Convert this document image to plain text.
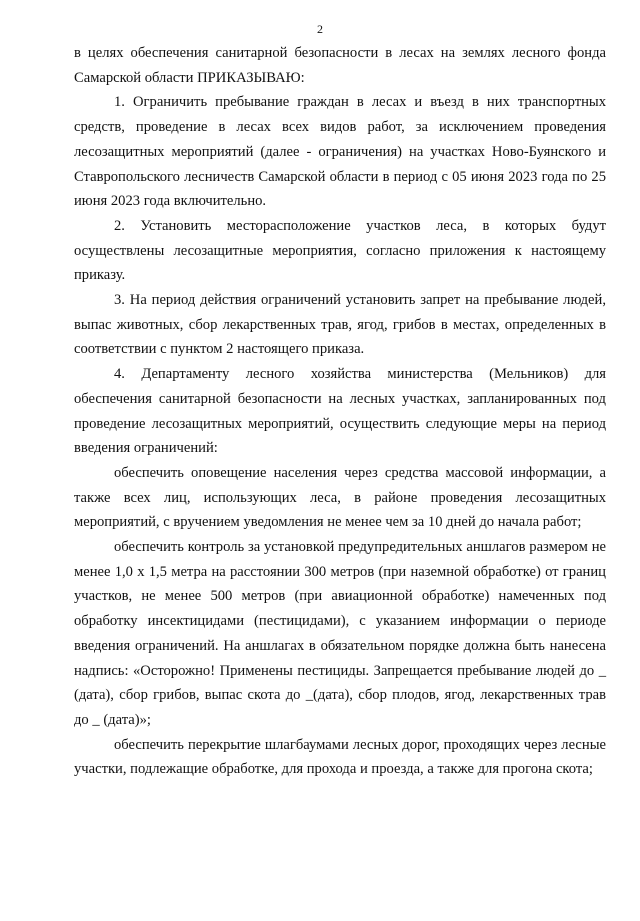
2

в целях обеспечения санитарной безопасности в лесах на землях лесного фонда Самарской области ПРИКАЗЫВАЮ:

1. Ограничить пребывание граждан в лесах и въезд в них транспортных средств, проведение в лесах всех видов работ, за исключением проведения лесозащитных мероприятий (далее - ограничения) на участках Ново-Буянского и Ставропольского лесничеств Самарской области в период с 05 июня 2023 года по 25 июня 2023 года включительно.

2. Установить месторасположение участков леса, в которых будут осуществлены лесозащитные мероприятия, согласно приложения к настоящему приказу.

3. На период действия ограничений установить запрет на пребывание людей, выпас животных, сбор лекарственных трав, ягод, грибов в местах, определенных в соответствии с пунктом 2 настоящего приказа.

4. Департаменту лесного хозяйства министерства (Мельников) для обеспечения санитарной безопасности на лесных участках, запланированных под проведение лесозащитных мероприятий, осуществить следующие меры на период введения ограничений:

обеспечить оповещение населения через средства массовой информации, а также всех лиц, использующих леса, в районе проведения лесозащитных мероприятий, с вручением уведомления не менее чем за 10 дней до начала работ;

обеспечить контроль за установкой предупредительных аншлагов размером не менее 1,0 х 1,5 метра на расстоянии 300 метров (при наземной обработке) от границ участков, не менее 500 метров (при авиационной обработке) намеченных под обработку инсектицидами (пестицидами), с указанием информации о периоде введения ограничений. На аншлагах в обязательном порядке должна быть нанесена надпись: «Осторожно! Применены пестициды. Запрещается пребывание людей до _ (дата), сбор грибов, выпас скота до _(дата), сбор плодов, ягод, лекарственных трав до _ (дата)»;

обеспечить перекрытие шлагбаумами лесных дорог, проходящих через лесные участки, подлежащие обработке, для прохода и проезда, а также для прогона скота;
